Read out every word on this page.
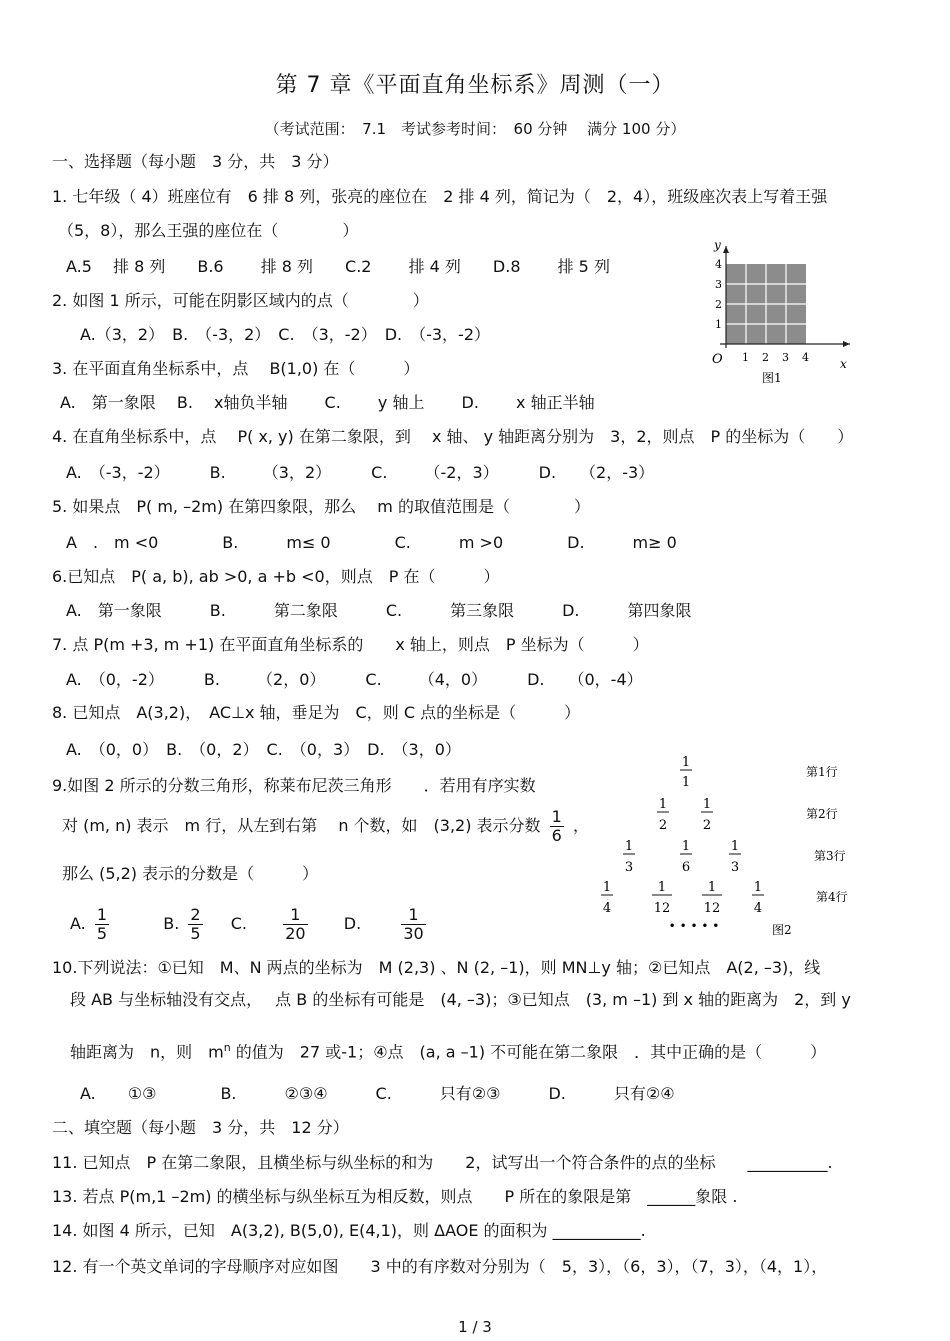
第 7 章《平面直角坐标系》周测（一）
（考试范围：　7.1　考试参考时间：　60 分钟　 满分 100 分）
一、选择题（每小题　3 分，共　3 分）
1. 七年级（ 4）班座位有　6 排 8 列，张亮的座位在　2 排 4 列，简记为（　2，4），班级座次表上写着王强
（5，8），那么王强的座位在（　　　　）
A.5　 排 8 列　　B.6　　 排 8 列　　C.2　　 排 4 列　　D.8　　 排 5 列
2. 如图 1 所示，可能在阴影区域内的点（　　　　）
A.（3，2）　B.　（-3，2）　C.　（3，-2）　D.　（-3，-2）
3. 在平面直角坐标系中，点　 B(1,0) 在（　　　）
A.　第一象限　 B.　 x轴负半轴　　 C.　　 y 轴上　　 D.　　 x 轴正半轴
4. 在直角坐标系中，点　 P( x, y) 在第二象限，到　 x 轴、 y 轴距离分别为　3，2，则点　P 的坐标为（　　）
A.　（-3，-2）　　　B.　　 （3，2）　　　C.　　 （-2，3）　　　D.　　（2，-3）
5. 如果点　P( m, –2m) 在第四象限，那么　 m 的取值范围是（　　　　）
A　.　m <0　　　　B.　　　m≤ 0　　　　C.　　　m >0　　　　D.　　　m≥ 0
6.已知点　P( a, b), ab >0, a +b <0，则点　P 在（　　　）
A.　第一象限　　　B.　　　第二象限　　　C.　　　第三象限　　　D.　　　第四象限
7. 点 P(m +3, m +1) 在平面直角坐标系的　　x 轴上，则点　P 坐标为（　　　）
A.　（0，-2）　　　B.　　 （2，0）　　　C.　　 （4，0）　　　D.　　（0，-4）
8. 已知点　A(3,2)，　AC⊥x 轴，垂足为　C，则 C 点的坐标是（　　　）
A.　（0，0）　B.　（0，2）　C.　（0，3）　D.　（3，0）
9.如图 2 所示的分数三角形，称莱布尼茨三角形　　．若用有序实数
对 (m, n) 表示　m 行，从左到右第　 n 个数，如　(3,2) 表示分数 $\frac{1}{6}$ ，
那么 (5,2) 表示的分数是（　　　）
A. $\frac{1}{5}$	B. $\frac{2}{5} C$. $\frac{1}{20} D$.	$\frac{1}{30}$
10.下列说法：①已知　M、N 两点的坐标为　M (2,3) 、N (2, –1)，则 MN⊥y 轴；②已知点　A(2, –3)，线
段 AB 与坐标轴没有交点，　 点 B 的坐标有可能是　(4, –3)；③已知点　(3, m –1) 到 x 轴的距离为　2，到 y
轴距离为　n，则　$m^n$ 的值为　27 或-1；④点　(a, a –1) 不可能在第二象限　．其中正确的是（　　　）
A.　　①③　　　　B.　　　②③④　　　C.　　　只有②③　　　D.　　　只有②④
二、填空题（每小题　3 分，共　12 分）
11. 已知点　P 在第二象限，且横坐标与纵坐标的和为　　2，试写出一个符合条件的点的坐标　　__________.
13. 若点 P(m,1 –2m) 的横坐标与纵坐标互为相反数，则点　　P 所在的象限是第　______象限 .
14. 如图 4 所示，已知　A(3,2), B(5,0), E(4,1)，则 ΔAOE 的面积为 ___________.
12. 有一个英文单词的字母顺序对应如图　　3 中的有序数对分别为（　5，3），（6，3），（7，3），（4，1），
y
x
O 1 2 3 4
1
2
3
4
图1
1
1
1
2
1
2
1
3
1
6
1
3
1
4
1
12
1
12
1
4
• • • • •
第1行
第2行
第3行
第4行
图2
1 / 3
